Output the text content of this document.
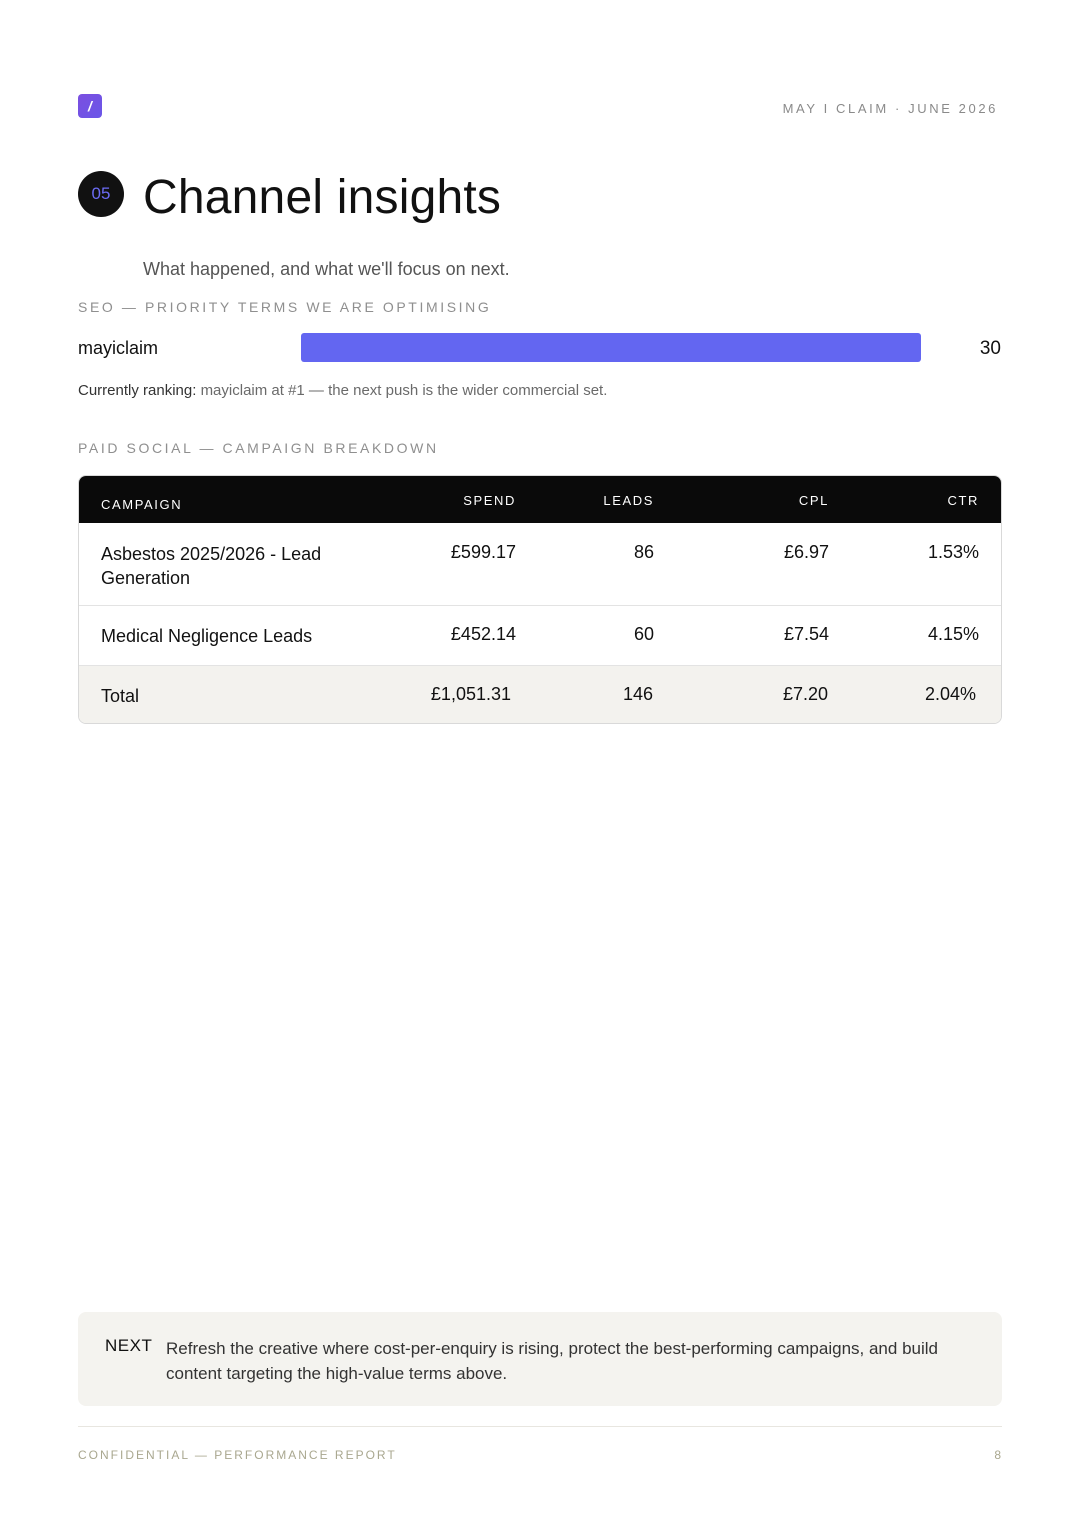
/	MAY I CLAIM · JUNE 2026
05 Channel insights
What happened, and what we'll focus on next.
SEO — PRIORITY TERMS WE ARE OPTIMISING
mayiclaim	30
Currently ranking: mayiclaim at #1 — the next push is the wider commercial set.
PAID SOCIAL — CAMPAIGN BREAKDOWN
CAMPAIGN	SPEND	LEADS	CPL	CTR
Asbestos 2025/2026 - Lead Generation
£599.17	86	£6.97	1.53%
Medical Negligence Leads	£452.14	60	£7.54	4.15%
Total	£1,051.31	146	£7.20	2.04%
NEXT Refresh the creative where cost-per-enquiry is rising, protect the best-performing campaigns, and build content targeting the high-value terms above.
CONFIDENTIAL — PERFORMANCE REPORT	8
